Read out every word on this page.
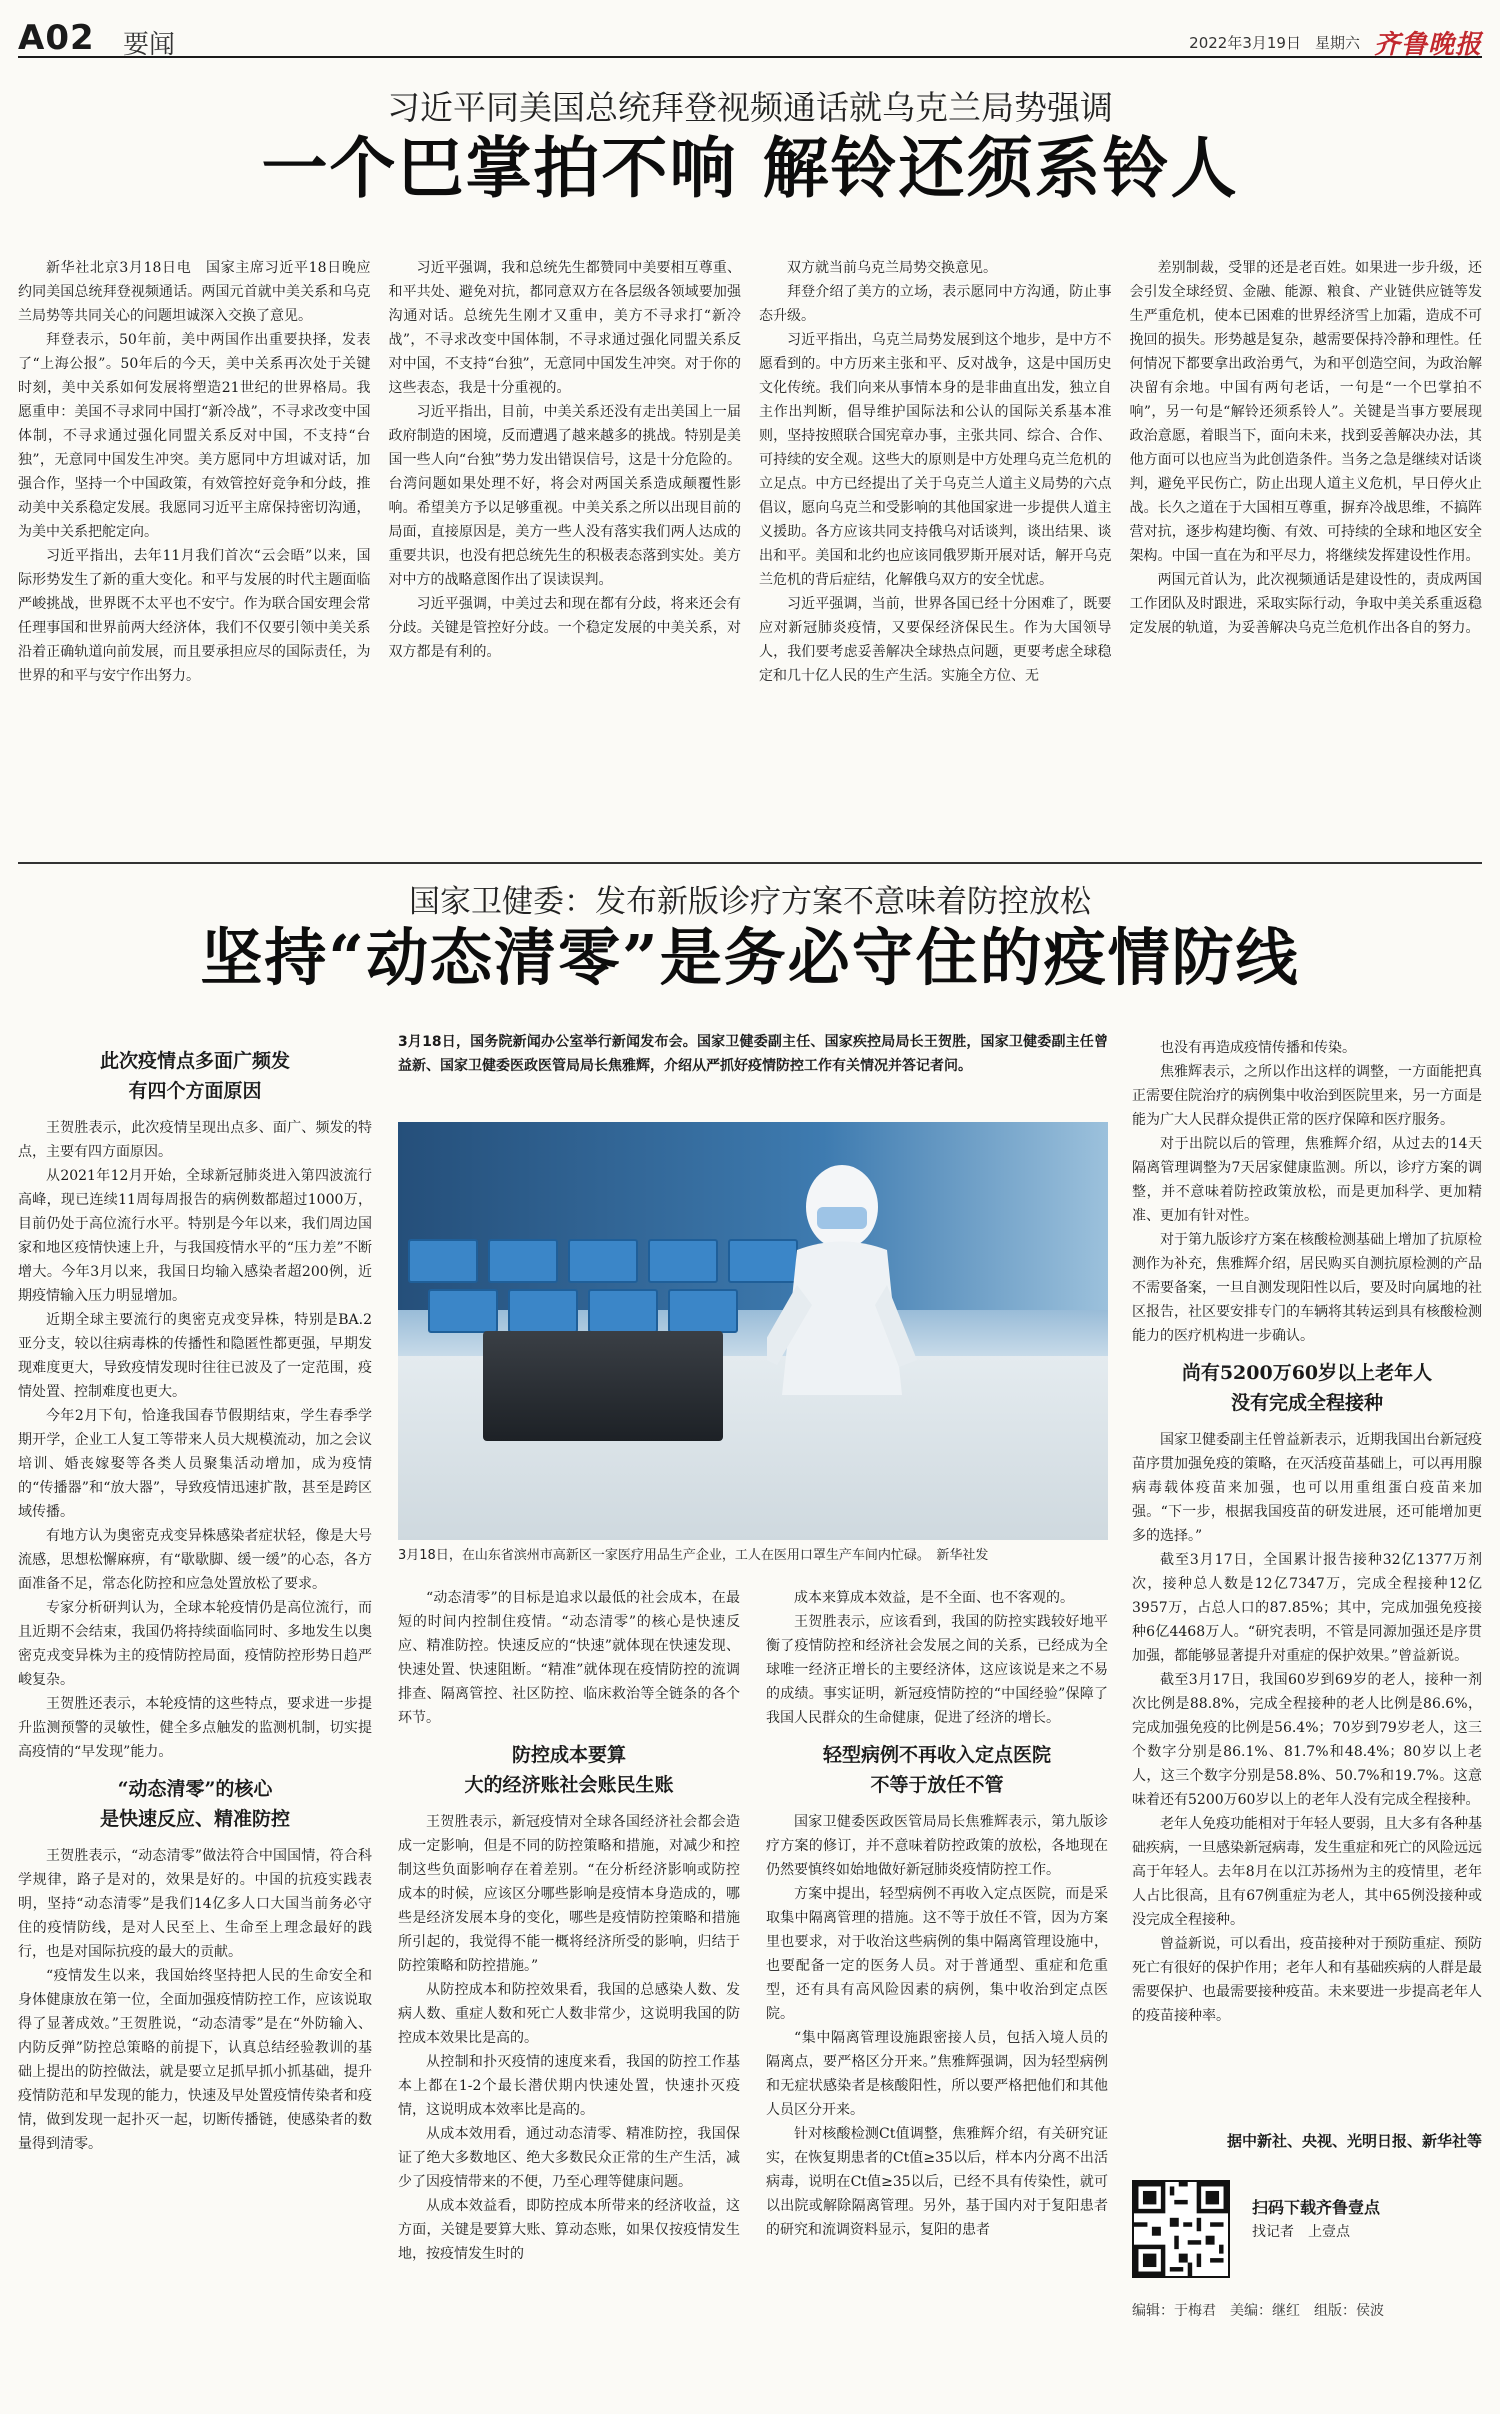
A02 要闻	2022年3月19日 星期六 齐鲁晚报
习近平同美国总统拜登视频通话就乌克兰局势强调
一个巴掌拍不响 解铃还须系铃人

新华社北京3月18日电　国家主席习近平18日晚应约同美国总统拜登视频通话。两国元首就中美关系和乌克兰局势等共同关心的问题坦诚深入交换了意见。

拜登表示，50年前，美中两国作出重要抉择，发表了“上海公报”。50年后的今天，美中关系再次处于关键时刻，美中关系如何发展将塑造21世纪的世界格局。我愿重申：美国不寻求同中国打“新冷战”，不寻求改变中国体制，不寻求通过强化同盟关系反对中国，不支持“台独”，无意同中国发生冲突。美方愿同中方坦诚对话，加强合作，坚持一个中国政策，有效管控好竞争和分歧，推动美中关系稳定发展。我愿同习近平主席保持密切沟通，为美中关系把舵定向。

习近平指出，去年11月我们首次“云会晤”以来，国际形势发生了新的重大变化。和平与发展的时代主题面临严峻挑战，世界既不太平也不安宁。作为联合国安理会常任理事国和世界前两大经济体，我们不仅要引领中美关系沿着正确轨道向前发展，而且要承担应尽的国际责任，为世界的和平与安宁作出努力。

习近平强调，我和总统先生都赞同中美要相互尊重、和平共处、避免对抗，都同意双方在各层级各领域要加强沟通对话。总统先生刚才又重申，美方不寻求打“新冷战”，不寻求改变中国体制，不寻求通过强化同盟关系反对中国，不支持“台独”，无意同中国发生冲突。对于你的这些表态，我是十分重视的。

习近平指出，目前，中美关系还没有走出美国上一届政府制造的困境，反而遭遇了越来越多的挑战。特别是美国一些人向“台独”势力发出错误信号，这是十分危险的。台湾问题如果处理不好，将会对两国关系造成颠覆性影响。希望美方予以足够重视。中美关系之所以出现目前的局面，直接原因是，美方一些人没有落实我们两人达成的重要共识，也没有把总统先生的积极表态落到实处。美方对中方的战略意图作出了误读误判。

习近平强调，中美过去和现在都有分歧，将来还会有分歧。关键是管控好分歧。一个稳定发展的中美关系，对双方都是有利的。

双方就当前乌克兰局势交换意见。

拜登介绍了美方的立场，表示愿同中方沟通，防止事态升级。

习近平指出，乌克兰局势发展到这个地步，是中方不愿看到的。中方历来主张和平、反对战争，这是中国历史文化传统。我们向来从事情本身的是非曲直出发，独立自主作出判断，倡导维护国际法和公认的国际关系基本准则，坚持按照联合国宪章办事，主张共同、综合、合作、可持续的安全观。这些大的原则是中方处理乌克兰危机的立足点。中方已经提出了关于乌克兰人道主义局势的六点倡议，愿向乌克兰和受影响的其他国家进一步提供人道主义援助。各方应该共同支持俄乌对话谈判，谈出结果、谈出和平。美国和北约也应该同俄罗斯开展对话，解开乌克兰危机的背后症结，化解俄乌双方的安全忧虑。

习近平强调，当前，世界各国已经十分困难了，既要应对新冠肺炎疫情，又要保经济保民生。作为大国领导人，我们要考虑妥善解决全球热点问题，更要考虑全球稳定和几十亿人民的生产生活。实施全方位、无

差别制裁，受罪的还是老百姓。如果进一步升级，还会引发全球经贸、金融、能源、粮食、产业链供应链等发生严重危机，使本已困难的世界经济雪上加霜，造成不可挽回的损失。形势越是复杂，越需要保持冷静和理性。任何情况下都要拿出政治勇气，为和平创造空间，为政治解决留有余地。中国有两句老话，一句是“一个巴掌拍不响”，另一句是“解铃还须系铃人”。关键是当事方要展现政治意愿，着眼当下，面向未来，找到妥善解决办法，其他方面可以也应当为此创造条件。当务之急是继续对话谈判，避免平民伤亡，防止出现人道主义危机，早日停火止战。长久之道在于大国相互尊重，摒弃冷战思维，不搞阵营对抗，逐步构建均衡、有效、可持续的全球和地区安全架构。中国一直在为和平尽力，将继续发挥建设性作用。

两国元首认为，此次视频通话是建设性的，责成两国工作团队及时跟进，采取实际行动，争取中美关系重返稳定发展的轨道，为妥善解决乌克兰危机作出各自的努力。

国家卫健委：发布新版诊疗方案不意味着防控放松
坚持“动态清零”是务必守住的疫情防线
此次疫情点多面广频发
有四个方面原因

王贺胜表示，此次疫情呈现出点多、面广、频发的特点，主要有四方面原因。

从2021年12月开始，全球新冠肺炎进入第四波流行高峰，现已连续11周每周报告的病例数都超过1000万，目前仍处于高位流行水平。特别是今年以来，我们周边国家和地区疫情快速上升，与我国疫情水平的“压力差”不断增大。今年3月以来，我国日均输入感染者超200例，近期疫情输入压力明显增加。

近期全球主要流行的奥密克戎变异株，特别是BA.2亚分支，较以往病毒株的传播性和隐匿性都更强，早期发现难度更大，导致疫情发现时往往已波及了一定范围，疫情处置、控制难度也更大。

今年2月下旬，恰逢我国春节假期结束，学生春季学期开学，企业工人复工等带来人员大规模流动，加之会议培训、婚丧嫁娶等各类人员聚集活动增加，成为疫情的“传播器”和“放大器”，导致疫情迅速扩散，甚至是跨区域传播。

有地方认为奥密克戎变异株感染者症状轻，像是大号流感，思想松懈麻痹，有“歇歇脚、缓一缓”的心态，各方面准备不足，常态化防控和应急处置放松了要求。

专家分析研判认为，全球本轮疫情仍是高位流行，而且近期不会结束，我国仍将持续面临同时、多地发生以奥密克戎变异株为主的疫情防控局面，疫情防控形势日趋严峻复杂。

王贺胜还表示，本轮疫情的这些特点，要求进一步提升监测预警的灵敏性，健全多点触发的监测机制，切实提高疫情的“早发现”能力。

“动态清零”的核心
是快速反应、精准防控

王贺胜表示，“动态清零”做法符合中国国情，符合科学规律，路子是对的，效果是好的。中国的抗疫实践表明，坚持“动态清零”是我们14亿多人口大国当前务必守住的疫情防线，是对人民至上、生命至上理念最好的践行，也是对国际抗疫的最大的贡献。

“疫情发生以来，我国始终坚持把人民的生命安全和身体健康放在第一位，全面加强疫情防控工作，应该说取得了显著成效。”王贺胜说，“动态清零”是在“外防输入、内防反弹”防控总策略的前提下，认真总结经验教训的基础上提出的防控做法，就是要立足抓早抓小抓基础，提升疫情防范和早发现的能力，快速及早处置疫情传染者和疫情，做到发现一起扑灭一起，切断传播链，使感染者的数量得到清零。

3月18日，国务院新闻办公室举行新闻发布会。国家卫健委副主任、国家疾控局局长王贺胜，国家卫健委副主任曾益新、国家卫健委医政医管局局长焦雅辉，介绍从严抓好疫情防控工作有关情况并答记者问。
3月18日，在山东省滨州市高新区一家医疗用品生产企业，工人在医用口罩生产车间内忙碌。　新华社发

“动态清零”的目标是追求以最低的社会成本，在最短的时间内控制住疫情。“动态清零”的核心是快速反应、精准防控。快速反应的“快速”就体现在快速发现、快速处置、快速阻断。“精准”就体现在疫情防控的流调排查、隔离管控、社区防控、临床救治等全链条的各个环节。

防控成本要算
大的经济账社会账民生账

王贺胜表示，新冠疫情对全球各国经济社会都会造成一定影响，但是不同的防控策略和措施，对减少和控制这些负面影响存在着差别。“在分析经济影响或防控成本的时候，应该区分哪些影响是疫情本身造成的，哪些是经济发展本身的变化，哪些是疫情防控策略和措施所引起的，我觉得不能一概将经济所受的影响，归结于防控策略和防控措施。”

从防控成本和防控效果看，我国的总感染人数、发病人数、重症人数和死亡人数非常少，这说明我国的防控成本效果比是高的。

从控制和扑灭疫情的速度来看，我国的防控工作基本上都在1-2个最长潜伏期内快速处置，快速扑灭疫情，这说明成本效率比是高的。

从成本效用看，通过动态清零、精准防控，我国保证了绝大多数地区、绝大多数民众正常的生产生活，减少了因疫情带来的不便，乃至心理等健康问题。

从成本效益看，即防控成本所带来的经济收益，这方面，关键是要算大账、算动态账，如果仅按疫情发生地，按疫情发生时的

成本来算成本效益，是不全面、也不客观的。

王贺胜表示，应该看到，我国的防控实践较好地平衡了疫情防控和经济社会发展之间的关系，已经成为全球唯一经济正增长的主要经济体，这应该说是来之不易的成绩。事实证明，新冠疫情防控的“中国经验”保障了我国人民群众的生命健康，促进了经济的增长。

轻型病例不再收入定点医院
不等于放任不管

国家卫健委医政医管局局长焦雅辉表示，第九版诊疗方案的修订，并不意味着防控政策的放松，各地现在仍然要慎终如始地做好新冠肺炎疫情防控工作。

方案中提出，轻型病例不再收入定点医院，而是采取集中隔离管理的措施。这不等于放任不管，因为方案里也要求，对于收治这些病例的集中隔离管理设施中，也要配备一定的医务人员。对于普通型、重症和危重型，还有具有高风险因素的病例，集中收治到定点医院。

“集中隔离管理设施跟密接人员，包括入境人员的隔离点，要严格区分开来。”焦雅辉强调，因为轻型病例和无症状感染者是核酸阳性，所以要严格把他们和其他人员区分开来。

针对核酸检测Ct值调整，焦雅辉介绍，有关研究证实，在恢复期患者的Ct值≥35以后，样本内分离不出活病毒，说明在Ct值≥35以后，已经不具有传染性，就可以出院或解除隔离管理。另外，基于国内对于复阳患者的研究和流调资料显示，复阳的患者

也没有再造成疫情传播和传染。

焦雅辉表示，之所以作出这样的调整，一方面能把真正需要住院治疗的病例集中收治到医院里来，另一方面是能为广大人民群众提供正常的医疗保障和医疗服务。

对于出院以后的管理，焦雅辉介绍，从过去的14天隔离管理调整为7天居家健康监测。所以，诊疗方案的调整，并不意味着防控政策放松，而是更加科学、更加精准、更加有针对性。

对于第九版诊疗方案在核酸检测基础上增加了抗原检测作为补充，焦雅辉介绍，居民购买自测抗原检测的产品不需要备案，一旦自测发现阳性以后，要及时向属地的社区报告，社区要安排专门的车辆将其转运到具有核酸检测能力的医疗机构进一步确认。

尚有5200万60岁以上老年人
没有完成全程接种

国家卫健委副主任曾益新表示，近期我国出台新冠疫苗序贯加强免疫的策略，在灭活疫苗基础上，可以再用腺病毒载体疫苗来加强，也可以用重组蛋白疫苗来加强。“下一步，根据我国疫苗的研发进展，还可能增加更多的选择。”

截至3月17日，全国累计报告接种32亿1377万剂次，接种总人数是12亿7347万，完成全程接种12亿3957万，占总人口的87.85%；其中，完成加强免疫接种6亿4468万人。“研究表明，不管是同源加强还是序贯加强，都能够显著提升对重症的保护效果。”曾益新说。

截至3月17日，我国60岁到69岁的老人，接种一剂次比例是88.8%，完成全程接种的老人比例是86.6%，完成加强免疫的比例是56.4%；70岁到79岁老人，这三个数字分别是86.1%、81.7%和48.4%；80岁以上老人，这三个数字分别是58.8%、50.7%和19.7%。这意味着还有5200万60岁以上的老年人没有完成全程接种。

老年人免疫功能相对于年轻人要弱，且大多有各种基础疾病，一旦感染新冠病毒，发生重症和死亡的风险远远高于年轻人。去年8月在以江苏扬州为主的疫情里，老年人占比很高，且有67例重症为老人，其中65例没接种或没完成全程接种。

曾益新说，可以看出，疫苗接种对于预防重症、预防死亡有很好的保护作用；老年人和有基础疾病的人群是最需要保护、也最需要接种疫苗。未来要进一步提高老年人的疫苗接种率。

据中新社、央视、光明日报、新华社等
扫码下载齐鲁壹点
找记者　上壹点
编辑：于梅君　美编：继红　组版：侯波
